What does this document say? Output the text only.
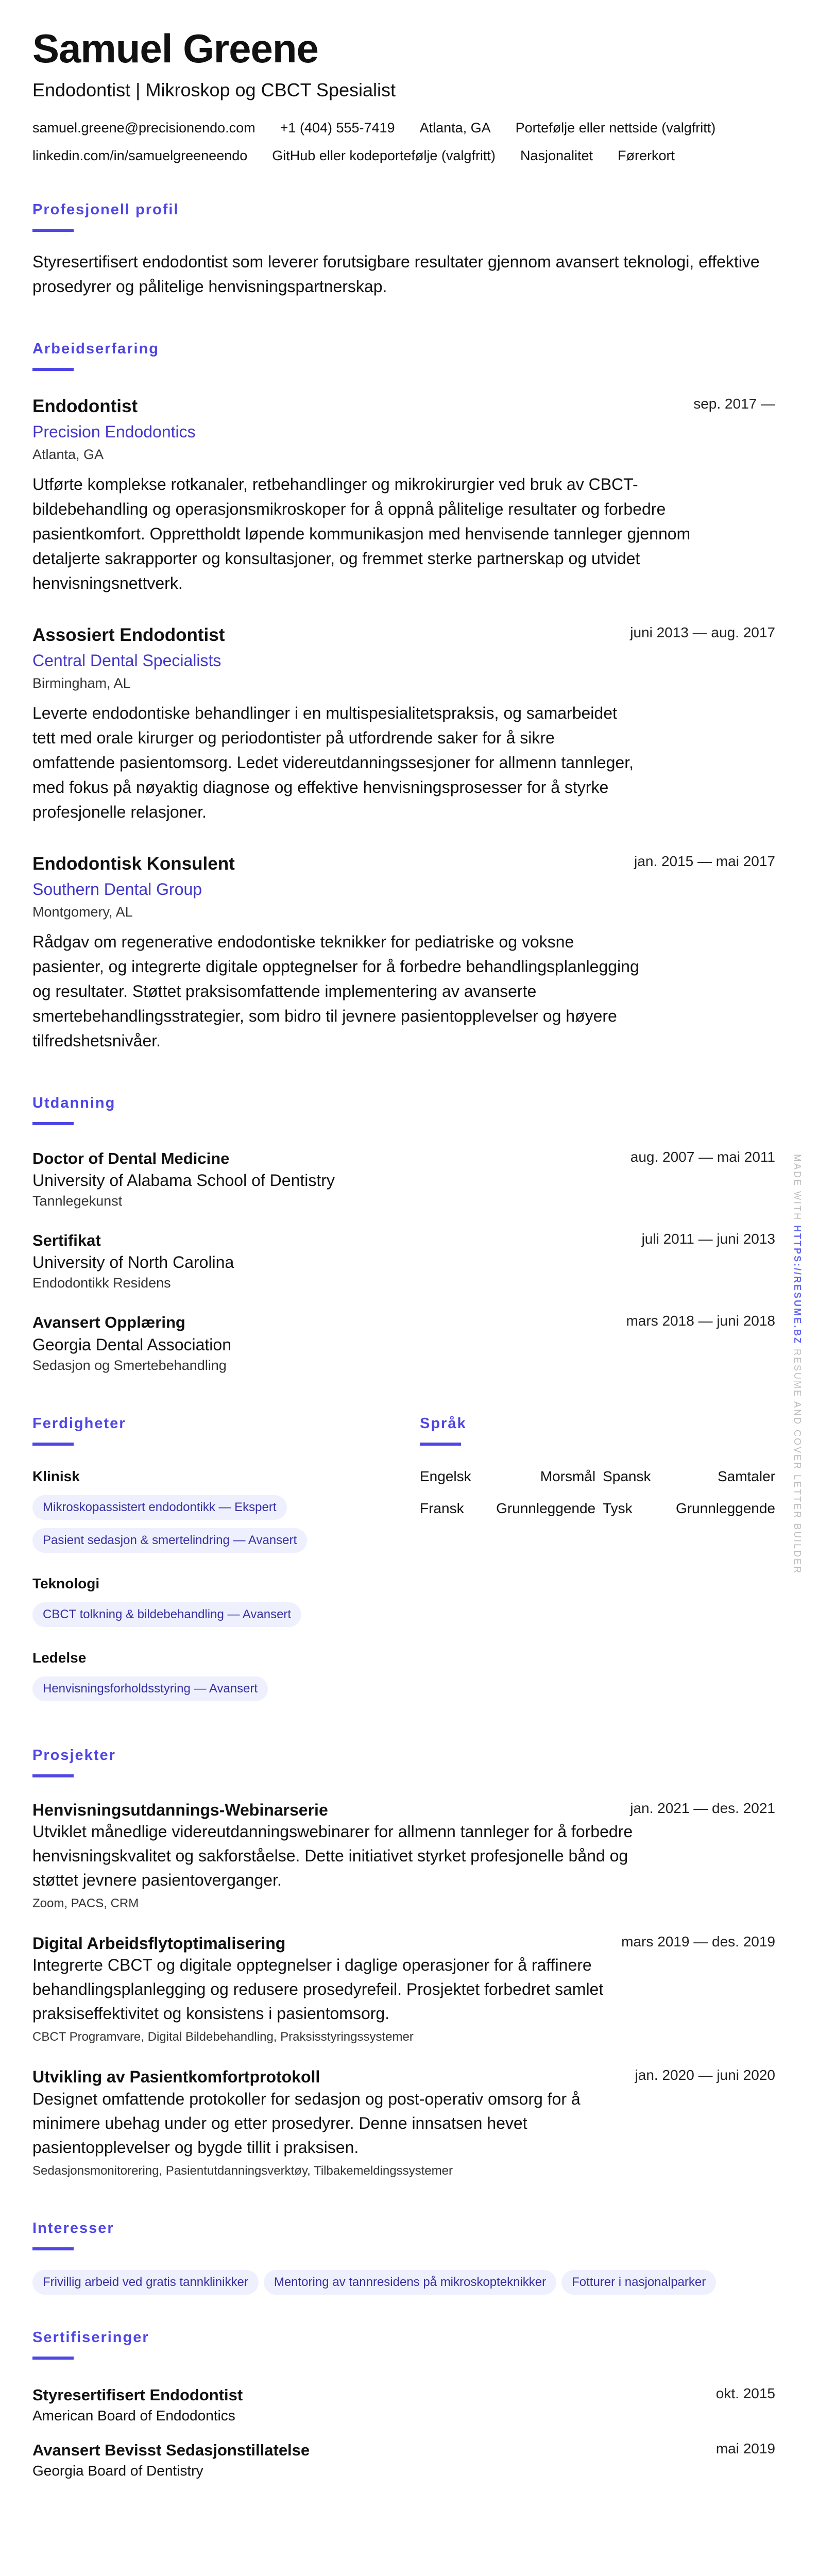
Samuel Greene
Endodontist | Mikroskop og CBCT Spesialist
samuel.greene@precisionendo.com +1 (404) 555-7419 Atlanta, GA Portefølje eller nettside (valgfritt)
linkedin.com/in/samuelgreeneendo GitHub eller kodeportefølje (valgfritt) Nasjonalitet Førerkort
Profesjonell profil

Styresertifisert endodontist som leverer forutsigbare resultater gjennom avansert teknologi, effektive prosedyrer og pålitelige henvisningspartnerskap.

Arbeidserfaring
Endodontist	sep. 2017 —
Precision Endodontics
Atlanta, GA

Utførte komplekse rotkanaler, retbehandlinger og mikrokirurgier ved bruk av CBCT-bildebehandling og operasjonsmikroskoper for å oppnå pålitelige resultater og forbedre pasientkomfort. Opprettholdt løpende kommunikasjon med henvisende tannleger gjennom detaljerte sakrapporter og konsultasjoner, og fremmet sterke partnerskap og utvidet henvisningsnettverk.

Assosiert Endodontist	juni 2013 — aug. 2017
Central Dental Specialists
Birmingham, AL

Leverte endodontiske behandlinger i en multispesialitetspraksis, og samarbeidet tett med orale kirurger og periodontister på utfordrende saker for å sikre omfattende pasientomsorg. Ledet videreutdanningssesjoner for allmenn tannleger, med fokus på nøyaktig diagnose og effektive henvisningsprosesser for å styrke profesjonelle relasjoner.

Endodontisk Konsulent	jan. 2015 — mai 2017
Southern Dental Group
Montgomery, AL

Rådgav om regenerative endodontiske teknikker for pediatriske og voksne pasienter, og integrerte digitale opptegnelser for å forbedre behandlingsplanlegging og resultater. Støttet praksisomfattende implementering av avanserte smertebehandlingsstrategier, som bidro til jevnere pasientopplevelser og høyere tilfredshetsnivåer.

Utdanning
Doctor of Dental Medicine	aug. 2007 — mai 2011
University of Alabama School of Dentistry
Tannlegekunst
Sertifikat	juli 2011 — juni 2013
University of North Carolina
Endodontikk Residens
Avansert Opplæring	mars 2018 — juni 2018
Georgia Dental Association
Sedasjon og Smertebehandling
Ferdigheter
Klinisk
Mikroskopassistert endodontikk — Ekspert
Pasient sedasjon & smertelindring — Avansert
Teknologi
CBCT tolkning & bildebehandling — Avansert
Ledelse
Henvisningsforholdsstyring — Avansert
Språk
Engelsk	Morsmål Spansk	Samtaler
Fransk	Grunnleggende Tysk	Grunnleggende
Prosjekter
Henvisningsutdannings-Webinarserie	jan. 2021 — des. 2021

Utviklet månedlige videreutdanningswebinarer for allmenn tannleger for å forbedre henvisningskvalitet og sakforståelse. Dette initiativet styrket profesjonelle bånd og støttet jevnere pasientoverganger.

Zoom, PACS, CRM
Digital Arbeidsflytoptimalisering	mars 2019 — des. 2019

Integrerte CBCT og digitale opptegnelser i daglige operasjoner for å raffinere behandlingsplanlegging og redusere prosedyrefeil. Prosjektet forbedret samlet praksiseffektivitet og konsistens i pasientomsorg.

CBCT Programvare, Digital Bildebehandling, Praksisstyringssystemer
Utvikling av Pasientkomfortprotokoll	jan. 2020 — juni 2020

Designet omfattende protokoller for sedasjon og post-operativ omsorg for å minimere ubehag under og etter prosedyrer. Denne innsatsen hevet pasientopplevelser og bygde tillit i praksisen.

Sedasjonsmonitorering, Pasientutdanningsverktøy, Tilbakemeldingssystemer
Interesser
Frivillig arbeid ved gratis tannklinikker Mentoring av tannresidens på mikroskopteknikker Fotturer i nasjonalparker
Sertifiseringer
Styresertifisert Endodontist	okt. 2015
American Board of Endodontics
Avansert Bevisst Sedasjonstillatelse	mai 2019
Georgia Board of Dentistry
MADE WITH HTTPS://RESUME.BZ RESUME AND COVER LETTER BUILDER
